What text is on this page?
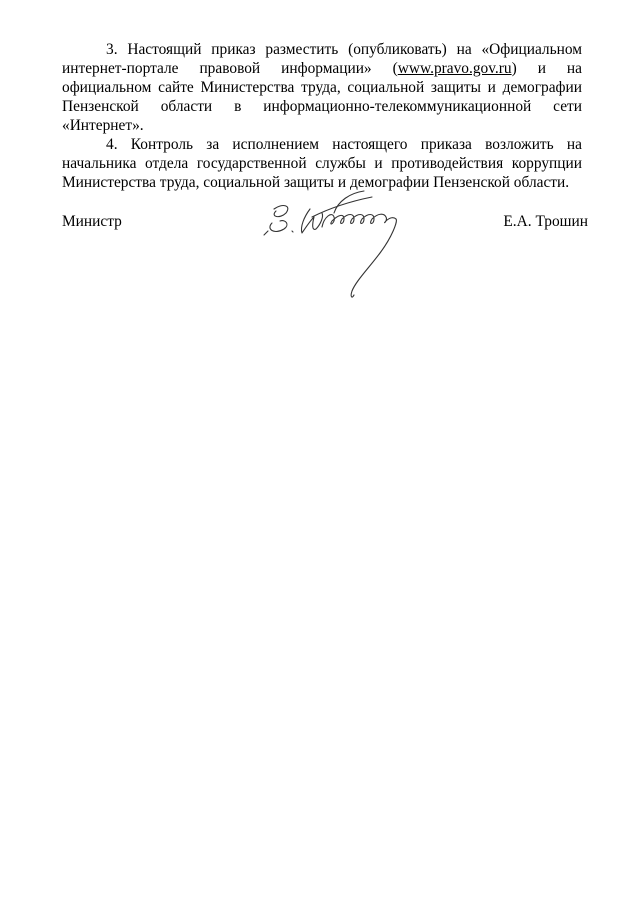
3. Настоящий приказ разместить (опубликовать) на «Официальном интернет-портале правовой информации» (www.pravo.gov.ru) и на официальном сайте Министерства труда, социальной защиты и демографии Пензенской области в информационно-телекоммуникационной сети «Интернет».

4. Контроль за исполнением настоящего приказа возложить на начальника отдела государственной службы и противодействия коррупции Министерства труда, социальной защиты и демографии Пензенской области.

Министр	Е.А. Трошин
